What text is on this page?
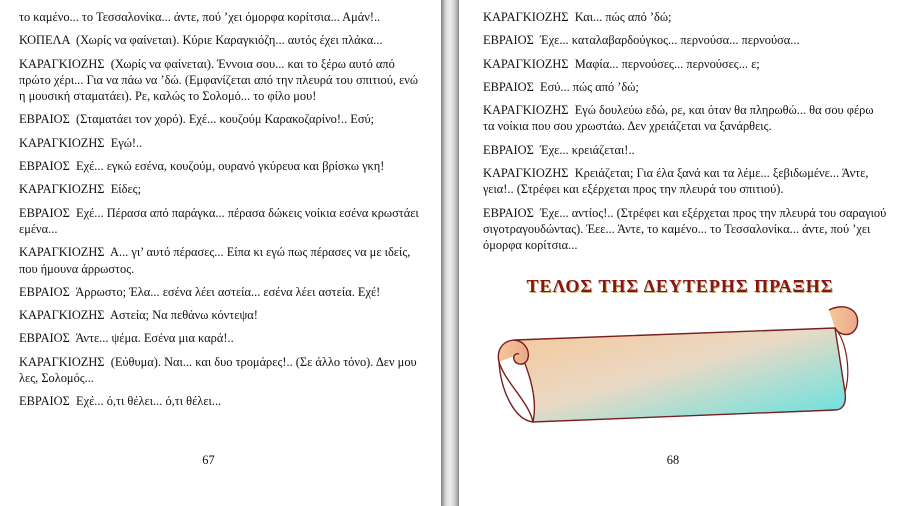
το καμένο... το Τεσσαλονίκα... άντε, πού ’χει όμορφα κορίτσια... Αμάν!..

ΚΟΠΕΛΑ  (Χωρίς να φαίνεται). Κύριε Καραγκιόζη... αυτός έχει πλάκα...

ΚΑΡΑΓΚΙΟΖΗΣ  (Χωρίς να φαίνεται). Έννοια σου... και το ξέρω αυτό από πρώτο χέρι... Για να πάω να ’δώ. (Εμφανίζεται από την πλευρά του σπιτιού, ενώ η μουσική σταματάει). Ρε, καλώς το Σολομό... το φίλο μου!

ΕΒΡΑΙΟΣ  (Σταματάει τον χορό). Εχέ... κουζούμ Καρακοζαρίνο!.. Εσύ;

ΚΑΡΑΓΚΙΟΖΗΣ  Εγώ!..

ΕΒΡΑΙΟΣ  Εχέ... εγκώ εσένα, κουζούμ, ουρανό γκύρευα και βρίσκω γκη!

ΚΑΡΑΓΚΙΟΖΗΣ  Είδες;

ΕΒΡΑΙΟΣ  Εχέ... Πέρασα από παράγκα... πέρασα δώκεις νοίκια εσένα κρωστάει εμένα...

ΚΑΡΑΓΚΙΟΖΗΣ  Α... γι’ αυτό πέρασες... Είπα κι εγώ πως πέρασες να με ιδείς, που ήμουνα άρρωστος.

ΕΒΡΑΙΟΣ  Άρρωστο; Έλα... εσένα λέει αστεία... εσένα λέει αστεία. Εχέ!

ΚΑΡΑΓΚΙΟΖΗΣ  Αστεία; Να πεθάνω κόντεψα!

ΕΒΡΑΙΟΣ  Άντε... ψέμα. Εσένα μια καρά!..

ΚΑΡΑΓΚΙΟΖΗΣ  (Εύθυμα). Ναι... και δυο τρομάρες!.. (Σε άλλο τόνο). Δεν μου λες, Σολομός...

ΕΒΡΑΙΟΣ  Εχέ... ό,τι θέλει... ό,τι θέλει...

67

ΚΑΡΑΓΚΙΟΖΗΣ  Και... πώς από ’δώ;

ΕΒΡΑΙΟΣ  Έχε... καταλαβαρδούγκος... περνούσα... περνούσα...

ΚΑΡΑΓΚΙΟΖΗΣ  Μαφία... περνούσες... περνούσες... ε;

ΕΒΡΑΙΟΣ  Εσύ... πώς από ’δώ;

ΚΑΡΑΓΚΙΟΖΗΣ  Εγώ δουλεύω εδώ, ρε, και όταν θα πληρωθώ... θα σου φέρω τα νοίκια που σου χρωστάω. Δεν χρειάζεται να ξανάρθεις.

ΕΒΡΑΙΟΣ  Έχε... κρειάζεται!..

ΚΑΡΑΓΚΙΟΖΗΣ  Κρειάζεται; Για έλα ξανά και τα λέμε... ξεβιδωμένε... Άντε, γεια!.. (Στρέφει και εξέρχεται προς την πλευρά του σπιτιού).

ΕΒΡΑΙΟΣ  Έχε... αντίος!.. (Στρέφει και εξέρχεται προς την πλευρά του σαραγιού σιγοτραγουδώντας). Έεε... Άντε, το καμένο... το Τεσσαλονίκα... άντε, πού ’χει όμορφα κορίτσια...

ΤΕΛΟΣ ΤΗΣ ΔΕΥΤΕΡΗΣ ΠΡΑΞΗΣ
68
